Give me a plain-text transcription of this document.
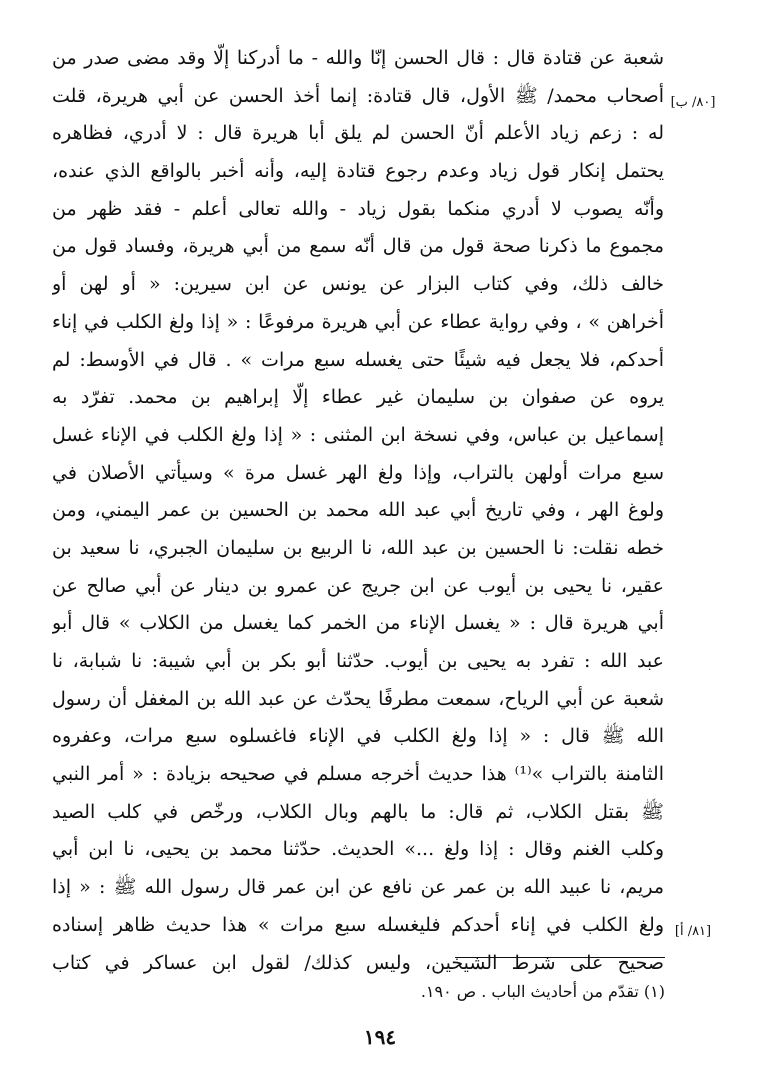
شعبة عن قتادة قال : قال الحسن إنّا والله - ما أدركنا إلّا وقد مضى صدر من
أصحاب محمد/ ﷺ الأول، قال قتادة: إنما أخذ الحسن عن أبي هريرة، قلت
له : زعم زياد الأعلم أنّ الحسن لم يلق أبا هريرة قال : لا أدري، فظاهره
يحتمل إنكار قول زياد وعدم رجوع قتادة إليه، وأنه أخبر بالواقع الذي عنده،
وأنّه يصوب لا أدري منكما بقول زياد - والله تعالى أعلم - فقد ظهر من
مجموع ما ذكرنا صحة قول من قال أنّه سمع من أبي هريرة، وفساد قول من
خالف ذلك، وفي كتاب البزار عن يونس عن ابن سيرين: « أو لهن أو
أخراهن » ، وفي رواية عطاء عن أبي هريرة مرفوعًا : « إذا ولغ الكلب في إناء
أحدكم، فلا يجعل فيه شيئًا حتى يغسله سبع مرات » . قال في الأوسط: لم
يروه عن صفوان بن سليمان غير عطاء إلّا إبراهيم بن محمد. تفرّد به
إسماعيل بن عباس، وفي نسخة ابن المثنى : « إذا ولغ الكلب في الإناء غسل
سبع مرات أولهن بالتراب، وإذا ولغ الهر غسل مرة » وسيأتي الأصلان في
ولوغ الهر ، وفي تاريخ أبي عبد الله محمد بن الحسين بن عمر اليمني، ومن
خطه نقلت: نا الحسين بن عبد الله، نا الربيع بن سليمان الجبري، نا سعيد بن
عقير، نا يحيى بن أيوب عن ابن جريج عن عمرو بن دينار عن أبي صالح عن
أبي هريرة قال : « يغسل الإناء من الخمر كما يغسل من الكلاب » قال أبو
عبد الله : تفرد به يحيى بن أيوب. حدّثنا أبو بكر بن أبي شيبة: نا شبابة، نا
شعبة عن أبي الرياح، سمعت مطرفًا يحدّث عن عبد الله بن المغفل أن رسول
الله ﷺ قال : « إذا ولغ الكلب في الإناء فاغسلوه سبع مرات، وعفروه
الثامنة بالتراب »⁽¹⁾ هذا حديث أخرجه مسلم في صحيحه بزيادة : « أمر النبي
ﷺ بقتل الكلاب، ثم قال: ما بالهم وبال الكلاب، ورخّص في كلب الصيد
وكلب الغنم وقال : إذا ولغ ...» الحديث. حدّثنا محمد بن يحيى، نا ابن أبي
مريم، نا عبيد الله بن عمر عن نافع عن ابن عمر قال رسول الله ﷺ : « إذا
ولغ الكلب في إناء أحدكم فليغسله سبع مرات » هذا حديث ظاهر إسناده
صحيح على شرط الشيخين، وليس كذلك/ لقول ابن عساكر في كتاب
[٨٠/ ب]
[٨١/ أ]
(١) تقدّم من أحاديث الباب . ص ١٩٠.
١٩٤
